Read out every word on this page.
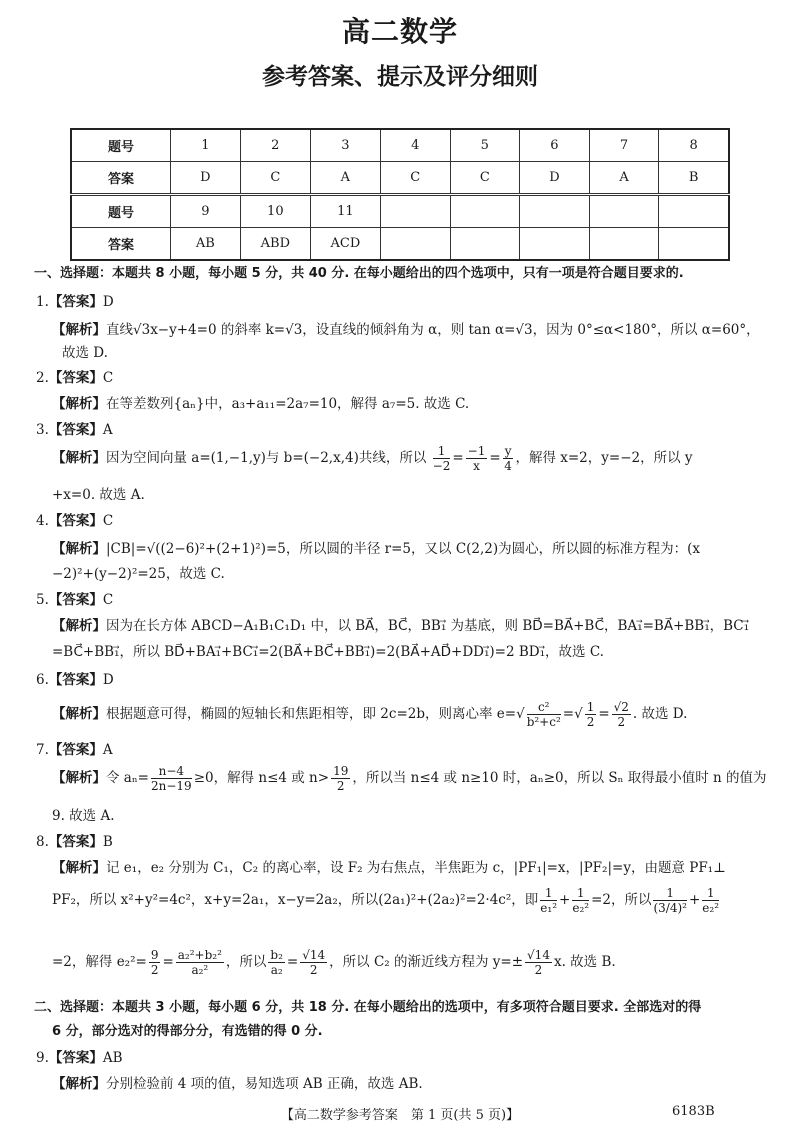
高二数学
参考答案、提示及评分细则
题号	1	2	3	4	5	6	7	8
答案	D	C	A	C	C	D	A	B
题号	9	10	11					
答案	AB	ABD	ACD					
一、选择题：本题共 8 小题，每小题 5 分，共 40 分. 在每小题给出的四个选项中，只有一项是符合题目要求的.
1.【答案】D
【解析】直线√3x−y+4=0 的斜率 k=√3，设直线的倾斜角为 α，则 tan α=√3，因为 0°≤α<180°，所以 α=60°，
故选 D.
2.【答案】C
【解析】在等差数列{aₙ}中，a₃+a₁₁=2a₇=10，解得 a₇=5. 故选 C.
3.【答案】A
【解析】因为空间向量 a=(1,−1,y)与 b=(−2,x,4)共线，所以 $\frac{1}{-2} = \frac{-1}{x} = \frac{y}{4}$ ，解得 x=2，y=−2，所以 y
+x=0. 故选 A.
4.【答案】C
【解析】|CB|=√((2−6)²+(2+1)²)=5，所以圆的半径 r=5，又以 C(2,2)为圆心，所以圆的标准方程为：(x
−2)²+(y−2)²=25，故选 C.
5.【答案】C
【解析】因为在长方体 ABCD−A₁B₁C₁D₁ 中，以 BA⃗，BC⃗，BB₁⃗ 为基底，则 BD⃗=BA⃗+BC⃗，BA₁⃗=BA⃗+BB₁⃗，BC₁⃗
=BC⃗+BB₁⃗，所以 BD⃗+BA₁⃗+BC₁⃗=2(BA⃗+BC⃗+BB₁⃗)=2(BA⃗+AD⃗+DD₁⃗)=2 BD₁⃗，故选 C.
6.【答案】D
【解析】根据题意可得，椭圆的短轴长和焦距相等，即 2c=2b，则离心率 $e=√ \frac{\text{c²}}{\text{b²+c²}}$ =√ $\frac{1}{2} = \frac{√2}{2}$ . 故选 D.
7.【答案】A
【解析】令 $a_n= \frac{n-4}{2n-19} \ge 0$，解得 n≤4 或 $n> \frac{19}{2}$ ，所以当 n≤4 或 n≥10 时，aₙ≥0，所以 Sₙ 取得最小值时 n 的值为
9. 故选 A.
8.【答案】B
【解析】记 e₁，e₂ 分别为 C₁，C₂ 的离心率，设 F₂ 为右焦点，半焦距为 c，|PF₁|=x，|PF₂|=y，由题意 PF₁⊥
PF₂，所以 x²+y²=4c²，x+y=2a₁，x−y=2a₂，所以(2a₁)²+(2a₂)²=2·4c²，即 $\frac{1}{\text{e₁²}} + \frac{1}{\text{e₂²}} =2$，所以 $\frac{1}{\text{(3/4)²}} + \frac{1}{\text{e₂²}}$
=2，解得 $e_2^2= \frac{9}{2} = \frac{\text{a₂²+b₂²}}{\text{a₂²}}$ ，所以 $\frac{\text{b₂}}{\text{a₂}} = \frac{√14}{2}$ ，所以 C₂ 的渐近线方程为 $y=\pm \frac{√14}{2} x$. 故选 B.
二、选择题：本题共 3 小题，每小题 6 分，共 18 分. 在每小题给出的选项中，有多项符合题目要求. 全部选对的得
6 分，部分选对的得部分分，有选错的得 0 分.
9.【答案】AB
【解析】分别检验前 4 项的值，易知选项 AB 正确，故选 AB.
【高二数学参考答案　第 1 页(共 5 页)】	6183B
